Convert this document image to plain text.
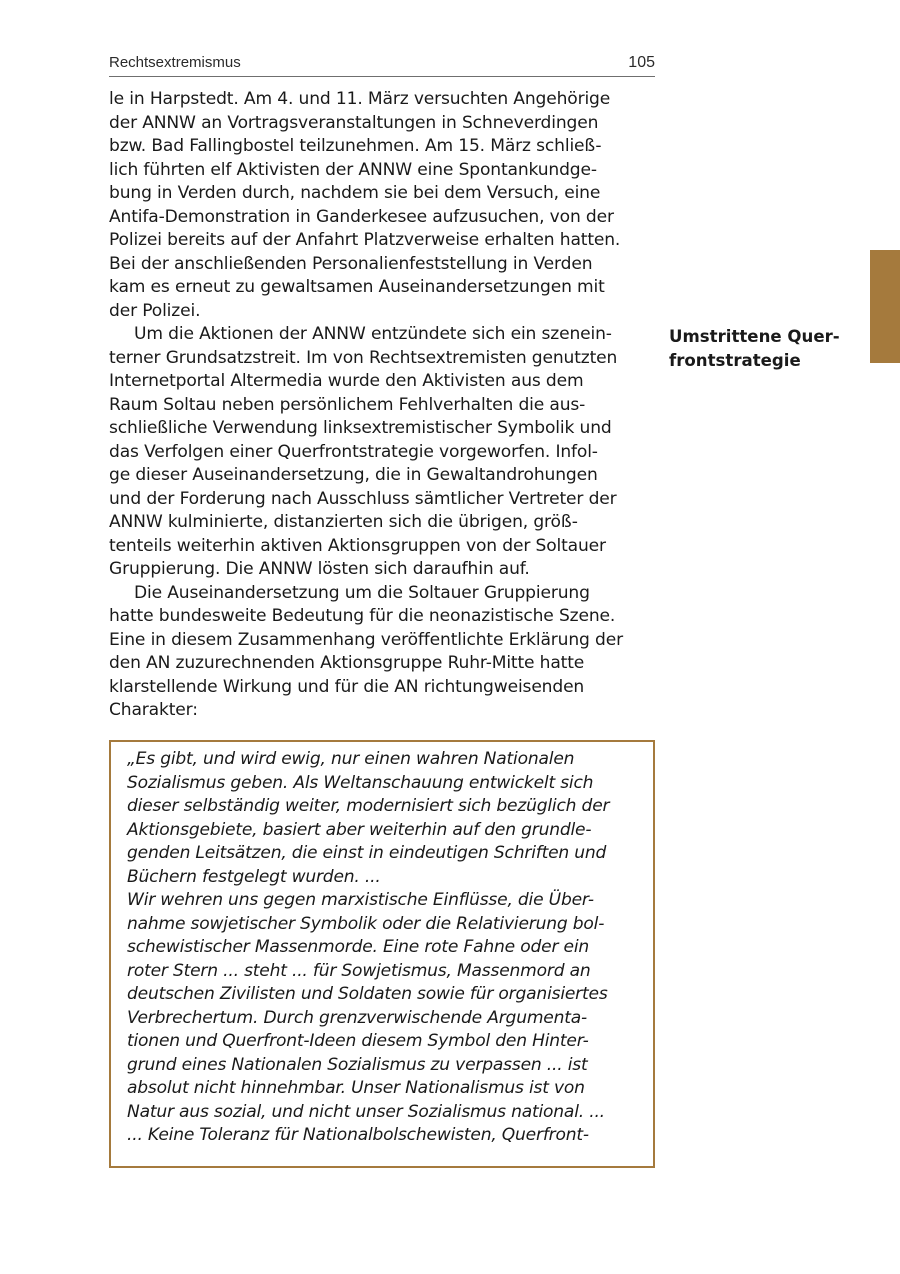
Rechtsextremismus	105
le in Harpstedt. Am 4. und 11. März versuchten Angehörige
der ANNW an Vortragsveranstaltungen in Schneverdingen
bzw. Bad Fallingbostel teilzunehmen. Am 15. März schließ-
lich führten elf Aktivisten der ANNW eine Spontankundge-
bung in Verden durch, nachdem sie bei dem Versuch, eine
Antifa-Demonstration in Ganderkesee aufzusuchen, von der
Polizei bereits auf der Anfahrt Platzverweise erhalten hatten.
Bei der anschließenden Personalienfeststellung in Verden
kam es erneut zu gewaltsamen Auseinandersetzungen mit
der Polizei.
Um die Aktionen der ANNW entzündete sich ein szenein-
terner Grundsatzstreit. Im von Rechtsextremisten genutzten
Internetportal Altermedia wurde den Aktivisten aus dem
Raum Soltau neben persönlichem Fehlverhalten die aus-
schließliche Verwendung linksextremistischer Symbolik und
das Verfolgen einer Querfrontstrategie vorgeworfen. Infol-
ge dieser Auseinandersetzung, die in Gewaltandrohungen
und der Forderung nach Ausschluss sämtlicher Vertreter der
ANNW kulminierte, distanzierten sich die übrigen, größ-
tenteils weiterhin aktiven Aktionsgruppen von der Soltauer
Gruppierung. Die ANNW lösten sich daraufhin auf.
Die Auseinandersetzung um die Soltauer Gruppierung
hatte bundesweite Bedeutung für die neonazistische Szene.
Eine in diesem Zusammenhang veröffentlichte Erklärung der
den AN zuzurechnenden Aktionsgruppe Ruhr-Mitte hatte
klarstellende Wirkung und für die AN richtungweisenden
Charakter:
Umstrittene Quer-
frontstrategie
„Es gibt, und wird ewig, nur einen wahren Nationalen
Sozialismus geben. Als Weltanschauung entwickelt sich
dieser selbständig weiter, modernisiert sich bezüglich der
Aktionsgebiete, basiert aber weiterhin auf den grundle-
genden Leitsätzen, die einst in eindeutigen Schriften und
Büchern festgelegt wurden. ...
Wir wehren uns gegen marxistische Einflüsse, die Über-
nahme sowjetischer Symbolik oder die Relativierung bol-
schewistischer Massenmorde. Eine rote Fahne oder ein
roter Stern ... steht ... für Sowjetismus, Massenmord an
deutschen Zivilisten und Soldaten sowie für organisiertes
Verbrechertum. Durch grenzverwischende Argumenta-
tionen und Querfront-Ideen diesem Symbol den Hinter-
grund eines Nationalen Sozialismus zu verpassen ... ist
absolut nicht hinnehmbar. Unser Nationalismus ist von
Natur aus sozial, und nicht unser Sozialismus national. ...
... Keine Toleranz für Nationalbolschewisten, Querfront-
